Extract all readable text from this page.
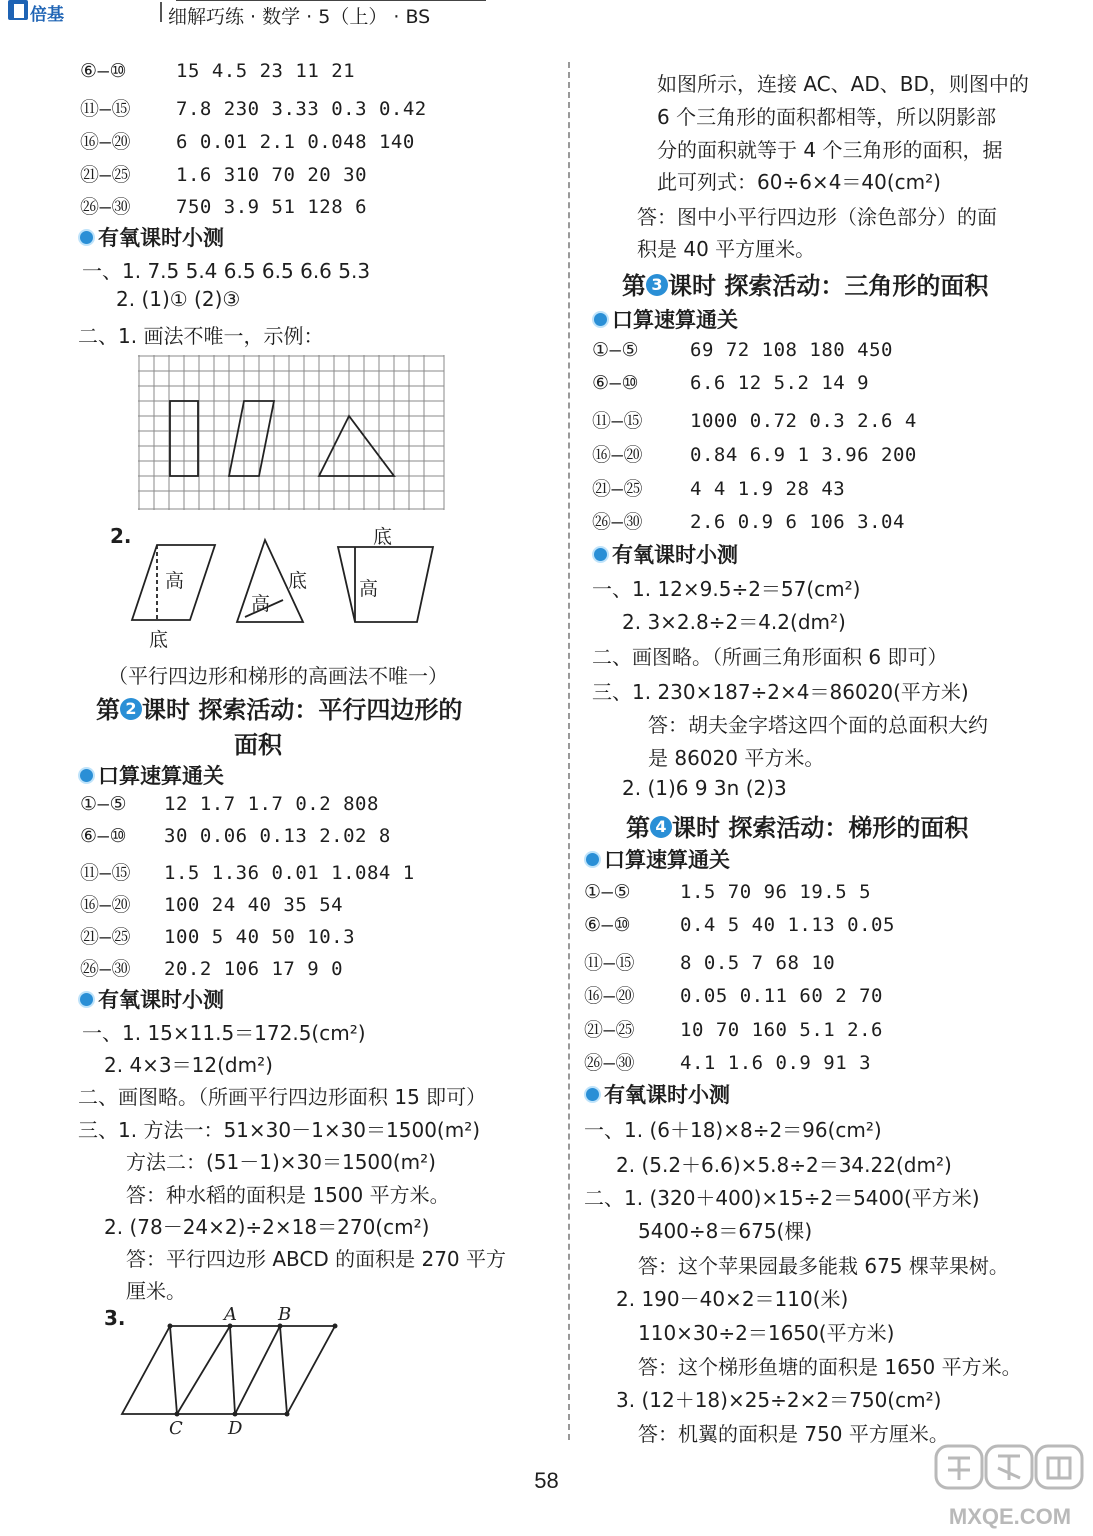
倍基	细解巧练 · 数学 · 5（上） · BS
⑥—⑩	15 4.5 23 11 21
⑪—⑮ 7.8 230 3.33 0.3 0.42
⑯—⑳ 6 0.01 2.1 0.048 140
㉑—㉕ 1.6 310 70 20 30
㉖—㉚ 750 3.9 51 128 6
有氧课时小测
一、1. 7.5 5.4 6.5 6.5 6.6 5.3
2. (1)① (2)③
二、1. 画法不唯一，示例：
2.
高
底
高
底
底
高
（平行四边形和梯形的高画法不唯一）
第 2 课时 探索活动：平行四边形的
面积
口算速算通关
①—⑤ 12 1.7 1.7 0.2 808
⑥—⑩ 30 0.06 0.13 2.02 8
⑪—⑮ 1.5 1.36 0.01 1.084 1
⑯—⑳ 100 24 40 35 54
㉑—㉕ 100 5 40 50 10.3
㉖—㉚ 20.2 106 17 9 0
有氧课时小测
一、1. 15×11.5＝172.5(cm²)
2. 4×3＝12(dm²)
二、画图略。（所画平行四边形面积 15 即可）
三、1. 方法一：51×30－1×30＝1500(m²)
方法二：(51－1)×30＝1500(m²)
答：种水稻的面积是 1500 平方米。
2. (78－24×2)÷2×18＝270(cm²)
答：平行四边形 ABCD 的面积是 270 平方
厘米。
3.	A B
C	D
如图所示，连接 AC、AD、BD，则图中的
6 个三角形的面积都相等，所以阴影部
分的面积就等于 4 个三角形的面积，据
此可列式：60÷6×4＝40(cm²)
答：图中小平行四边形（涂色部分）的面
积是 40 平方厘米。
第 3 课时 探索活动：三角形的面积
口算速算通关
①—⑤	69 72 108 180 450
⑥—⑩	6.6 12 5.2 14 9
⑪—⑮ 1000 0.72 0.3 2.6 4
⑯—⑳ 0.84 6.9 1 3.96 200
㉑—㉕ 4 4 1.9 28 43
㉖—㉚ 2.6 0.9 6 106 3.04
有氧课时小测
一、1. 12×9.5÷2＝57(cm²)
2. 3×2.8÷2＝4.2(dm²)
二、画图略。（所画三角形面积 6 即可）
三、1. 230×187÷2×4＝86020(平方米)
答：胡夫金字塔这四个面的总面积大约
是 86020 平方米。
2. (1)6 9 3n (2)3
第 4 课时 探索活动：梯形的面积
口算速算通关
①—⑤	1.5 70 96 19.5 5
⑥—⑩	0.4 5 40 1.13 0.05
⑪—⑮ 8 0.5 7 68 10
⑯—⑳ 0.05 0.11 60 2 70
㉑—㉕ 10 70 160 5.1 2.6
㉖—㉚ 4.1 1.6 0.9 91 3
有氧课时小测
一、1. (6＋18)×8÷2＝96(cm²)
2. (5.2＋6.6)×5.8÷2＝34.22(dm²)
二、1. (320＋400)×15÷2＝5400(平方米)
5400÷8＝675(棵)
答：这个苹果园最多能栽 675 棵苹果树。
2. 190－40×2＝110(米)
110×30÷2＝1650(平方米)
答：这个梯形鱼塘的面积是 1650 平方米。
3. (12＋18)×25÷2×2＝750(cm²)
答：机翼的面积是 750 平方厘米。
58
MXQE.COM
